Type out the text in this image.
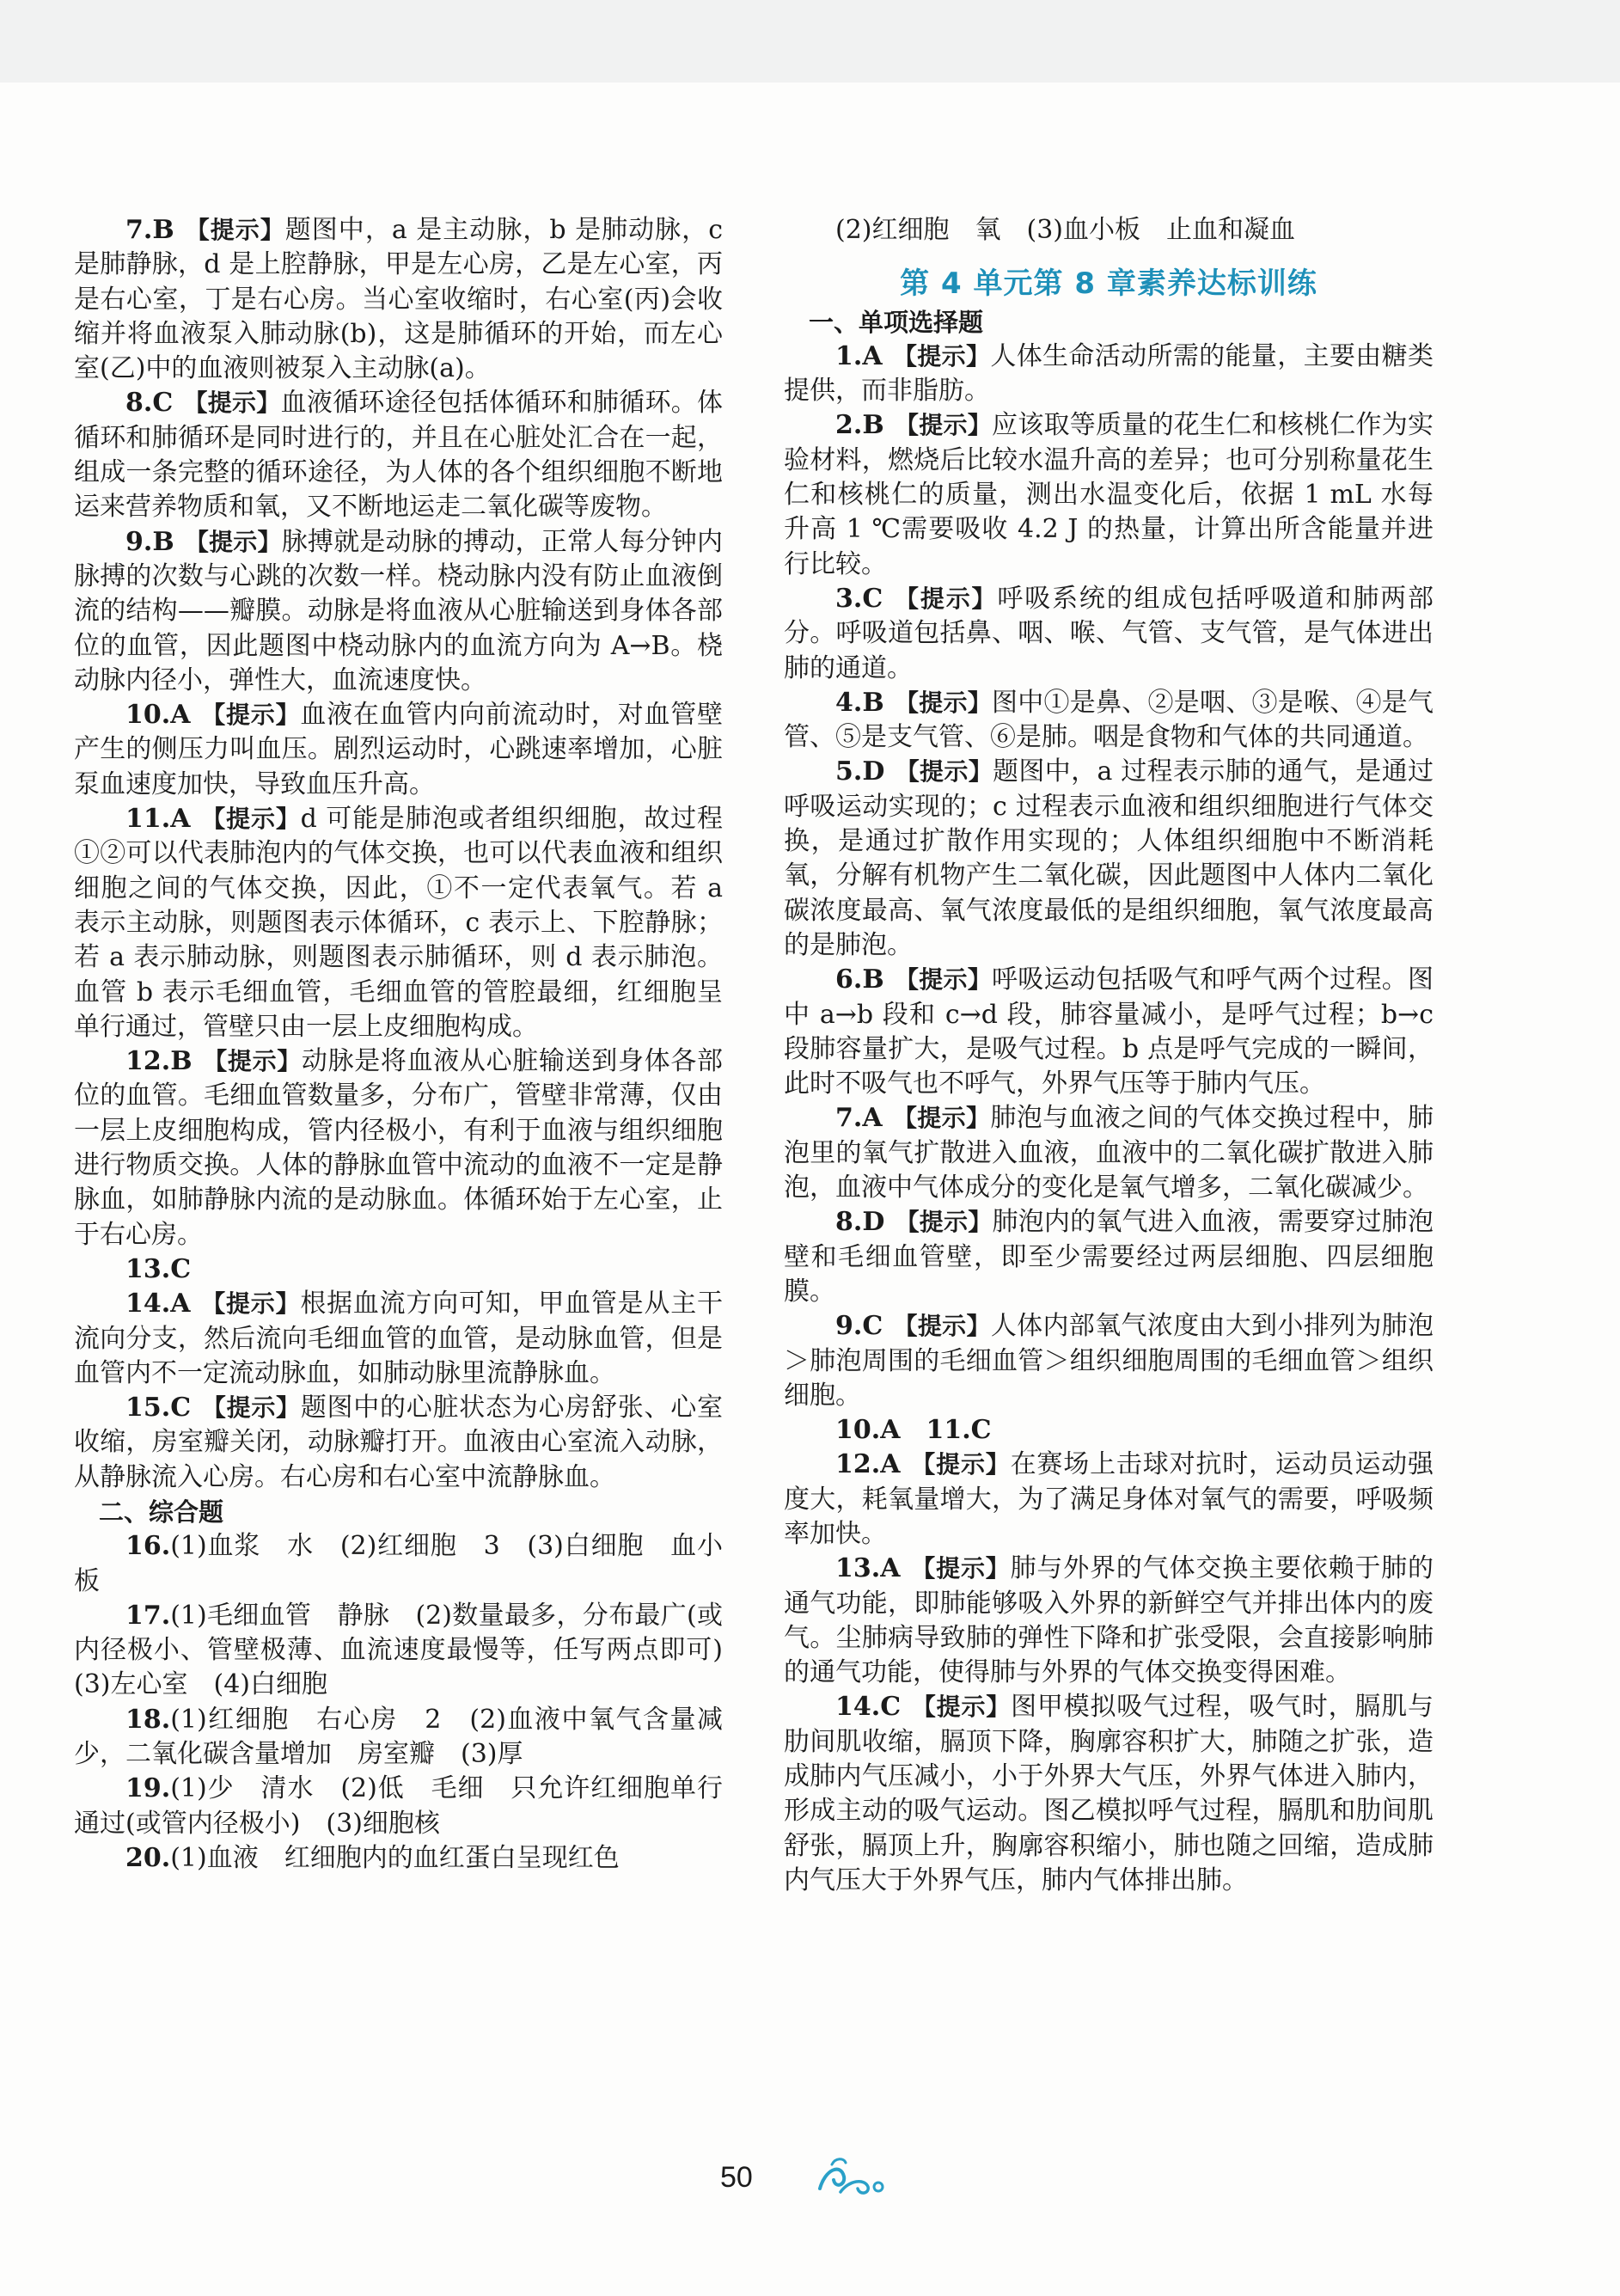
7.B 【提示】题图中，a 是主动脉，b 是肺动脉，c 是肺静脉，d 是上腔静脉，甲是左心房，乙是左心室，丙是右心室，丁是右心房。当心室收缩时，右心室(丙)会收缩并将血液泵入肺动脉(b)，这是肺循环的开始，而左心室(乙)中的血液则被泵入主动脉(a)。

8.C 【提示】血液循环途径包括体循环和肺循环。体循环和肺循环是同时进行的，并且在心脏处汇合在一起，组成一条完整的循环途径，为人体的各个组织细胞不断地运来营养物质和氧，又不断地运走二氧化碳等废物。

9.B 【提示】脉搏就是动脉的搏动，正常人每分钟内脉搏的次数与心跳的次数一样。桡动脉内没有防止血液倒流的结构——瓣膜。动脉是将血液从心脏输送到身体各部位的血管，因此题图中桡动脉内的血流方向为 A→B。桡动脉内径小，弹性大，血流速度快。

10.A 【提示】血液在血管内向前流动时，对血管壁产生的侧压力叫血压。剧烈运动时，心跳速率增加，心脏泵血速度加快，导致血压升高。

11.A 【提示】d 可能是肺泡或者组织细胞，故过程①②可以代表肺泡内的气体交换，也可以代表血液和组织细胞之间的气体交换，因此，①不一定代表氧气。若 a 表示主动脉，则题图表示体循环，c 表示上、下腔静脉；若 a 表示肺动脉，则题图表示肺循环，则 d 表示肺泡。血管 b 表示毛细血管，毛细血管的管腔最细，红细胞呈单行通过，管壁只由一层上皮细胞构成。

12.B 【提示】动脉是将血液从心脏输送到身体各部位的血管。毛细血管数量多，分布广，管壁非常薄，仅由一层上皮细胞构成，管内径极小，有利于血液与组织细胞进行物质交换。人体的静脉血管中流动的血液不一定是静脉血，如肺静脉内流的是动脉血。体循环始于左心室，止于右心房。

13.C

14.A 【提示】根据血流方向可知，甲血管是从主干流向分支，然后流向毛细血管的血管，是动脉血管，但是血管内不一定流动脉血，如肺动脉里流静脉血。

15.C 【提示】题图中的心脏状态为心房舒张、心室收缩，房室瓣关闭，动脉瓣打开。血液由心室流入动脉，从静脉流入心房。右心房和右心室中流静脉血。

二、综合题

16.(1)血浆　水　(2)红细胞　3　(3)白细胞　血小板

17.(1)毛细血管　静脉　(2)数量最多，分布最广(或内径极小、管壁极薄、血流速度最慢等，任写两点即可)　(3)左心室　(4)白细胞

18.(1)红细胞　右心房　2　(2)血液中氧气含量减少，二氧化碳含量增加　房室瓣　(3)厚

19.(1)少　清水　(2)低　毛细　只允许红细胞单行通过(或管内径极小)　(3)细胞核

20.(1)血液　红细胞内的血红蛋白呈现红色

(2)红细胞　氧　(3)血小板　止血和凝血

第 4 单元第 8 章素养达标训练

一、单项选择题

1.A 【提示】人体生命活动所需的能量，主要由糖类提供，而非脂肪。

2.B 【提示】应该取等质量的花生仁和核桃仁作为实验材料，燃烧后比较水温升高的差异；也可分别称量花生仁和核桃仁的质量，测出水温变化后，依据 1 mL 水每升高 1 ℃需要吸收 4.2 J 的热量，计算出所含能量并进行比较。

3.C 【提示】呼吸系统的组成包括呼吸道和肺两部分。呼吸道包括鼻、咽、喉、气管、支气管，是气体进出肺的通道。

4.B 【提示】图中①是鼻、②是咽、③是喉、④是气管、⑤是支气管、⑥是肺。咽是食物和气体的共同通道。

5.D 【提示】题图中，a 过程表示肺的通气，是通过呼吸运动实现的；c 过程表示血液和组织细胞进行气体交换，是通过扩散作用实现的；人体组织细胞中不断消耗氧，分解有机物产生二氧化碳，因此题图中人体内二氧化碳浓度最高、氧气浓度最低的是组织细胞，氧气浓度最高的是肺泡。

6.B 【提示】呼吸运动包括吸气和呼气两个过程。图中 a→b 段和 c→d 段，肺容量减小，是呼气过程；b→c 段肺容量扩大，是吸气过程。b 点是呼气完成的一瞬间，此时不吸气也不呼气，外界气压等于肺内气压。

7.A 【提示】肺泡与血液之间的气体交换过程中，肺泡里的氧气扩散进入血液，血液中的二氧化碳扩散进入肺泡，血液中气体成分的变化是氧气增多，二氧化碳减少。

8.D 【提示】肺泡内的氧气进入血液，需要穿过肺泡壁和毛细血管壁，即至少需要经过两层细胞、四层细胞膜。

9.C 【提示】人体内部氧气浓度由大到小排列为肺泡＞肺泡周围的毛细血管＞组织细胞周围的毛细血管＞组织细胞。

10.A　11.C

12.A 【提示】在赛场上击球对抗时，运动员运动强度大，耗氧量增大，为了满足身体对氧气的需要，呼吸频率加快。

13.A 【提示】肺与外界的气体交换主要依赖于肺的通气功能，即肺能够吸入外界的新鲜空气并排出体内的废气。尘肺病导致肺的弹性下降和扩张受限，会直接影响肺的通气功能，使得肺与外界的气体交换变得困难。

14.C 【提示】图甲模拟吸气过程，吸气时，膈肌与肋间肌收缩，膈顶下降，胸廓容积扩大，肺随之扩张，造成肺内气压减小，小于外界大气压，外界气体进入肺内，形成主动的吸气运动。图乙模拟呼气过程，膈肌和肋间肌舒张，膈顶上升，胸廓容积缩小，肺也随之回缩，造成肺内气压大于外界气压，肺内气体排出肺。

50
